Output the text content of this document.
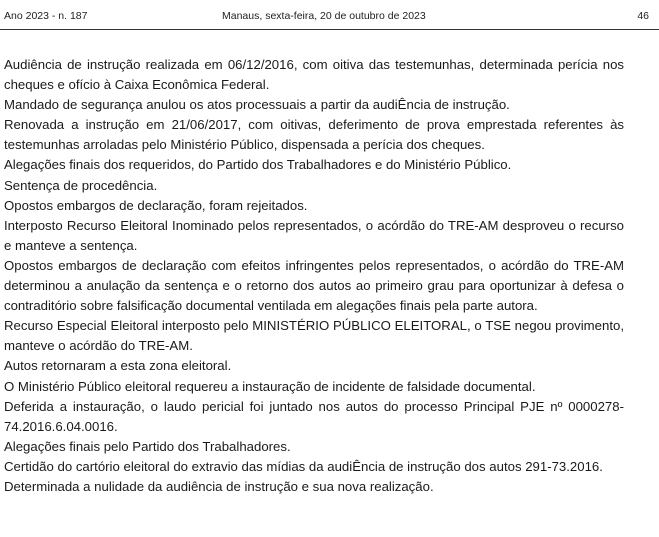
Ano 2023 - n. 187	Manaus, sexta-feira, 20 de outubro de 2023	46

Audiência de instrução realizada em 06/12/2016, com oitiva das testemunhas, determinada perícia nos cheques e ofício à Caixa Econômica Federal.

Mandado de segurança anulou os atos processuais a partir da audiÊncia de instrução.

Renovada a instrução em 21/06/2017, com oitivas, deferimento de prova emprestada referentes às testemunhas arroladas pelo Ministério Público, dispensada a perícia dos cheques.

Alegações finais dos requeridos, do Partido dos Trabalhadores e do Ministério Público.

Sentença de procedência.

Opostos embargos de declaração, foram rejeitados.

Interposto Recurso Eleitoral Inominado pelos representados, o acórdão do TRE-AM desproveu o recurso e manteve a sentença.

Opostos embargos de declaração com efeitos infringentes pelos representados, o acórdão do TRE-AM determinou a anulação da sentença e o retorno dos autos ao primeiro grau para oportunizar à defesa o contraditório sobre falsificação documental ventilada em alegações finais pela parte autora.

Recurso Especial Eleitoral interposto pelo MINISTÉRIO PÚBLICO ELEITORAL, o TSE negou provimento, manteve o acórdão do TRE-AM.

Autos retornaram a esta zona eleitoral.

O Ministério Público eleitoral requereu a instauração de incidente de falsidade documental.

Deferida a instauração, o laudo pericial foi juntado nos autos do processo Principal PJE nº 0000278-74.2016.6.04.0016.

Alegações finais pelo Partido dos Trabalhadores.

Certidão do cartório eleitoral do extravio das mídias da audiÊncia de instrução dos autos 291-73.2016.

Determinada a nulidade da audiência de instrução e sua nova realização.
